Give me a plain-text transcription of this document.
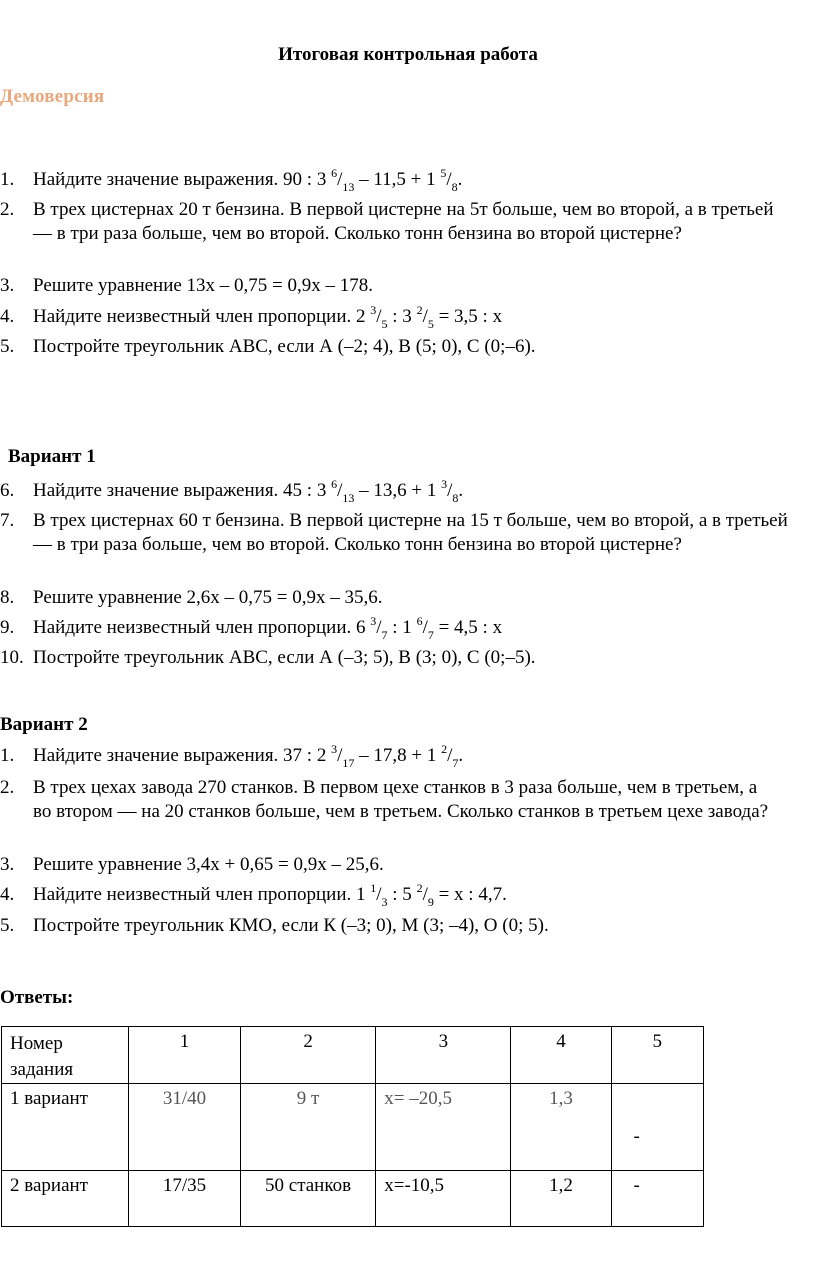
Итоговая контрольная работа
Демоверсия
1. Найдите значение выражения. 90 : 3 $^6/_{13} - 11,5 + 1$ $^5/_8$.
2. В трех цистернах 20 т бензина. В первой цистерне на 5т больше, чем во второй, а в третьей — в три раза больше, чем во второй. Сколько тонн бензина во второй цистерне?
3. Решите уравнение 13х – 0,75 = 0,9х – 178.
4. Найдите неизвестный член пропорции. 2 $^3/_5$ : 3 $^2/_5 = 3,5$ : х
5. Постройте треугольник АВС, если А (–2; 4), В (5; 0), С (0;–6).
Вариант 1
6. Найдите значение выражения. 45 : 3 $^6/_{13} - 13,6 + 1$ $^3/_8$.
7. В трех цистернах 60 т бензина. В первой цистерне на 15 т больше, чем во второй, а в третьей — в три раза больше, чем во второй. Сколько тонн бензина во второй цистерне?
8. Решите уравнение 2,6х – 0,75 = 0,9х – 35,6.
9. Найдите неизвестный член пропорции. 6 $^3/_7$ : 1 $^6/_7 = 4,5$ : х
10. Постройте треугольник АВС, если А (–3; 5), В (3; 0), С (0;–5).
Вариант 2
1. Найдите значение выражения. 37 : 2 $^3/_{17} - 17,8 + 1$ $^2/_7$.
2. В трех цехах завода 270 станков. В первом цехе станков в 3 раза больше, чем в третьем, а во втором — на 20 станков больше, чем в третьем. Сколько станков в третьем цехе завода?
3. Решите уравнение 3,4х + 0,65 = 0,9х – 25,6.
4. Найдите неизвестный член пропорции. 1 $^1/_3$ : 5 $^2/_9 = х$ : 4,7.
5. Постройте треугольник КМО, если К (–3; 0), М (3; –4), О (0; 5).
Ответы:
Номер задания	1	2	3	4	5
1 вариант	31/40	9 т	х= –20,5	1,3	-
2 вариант	17/35	50 станков	х=-10,5	1,2	-
